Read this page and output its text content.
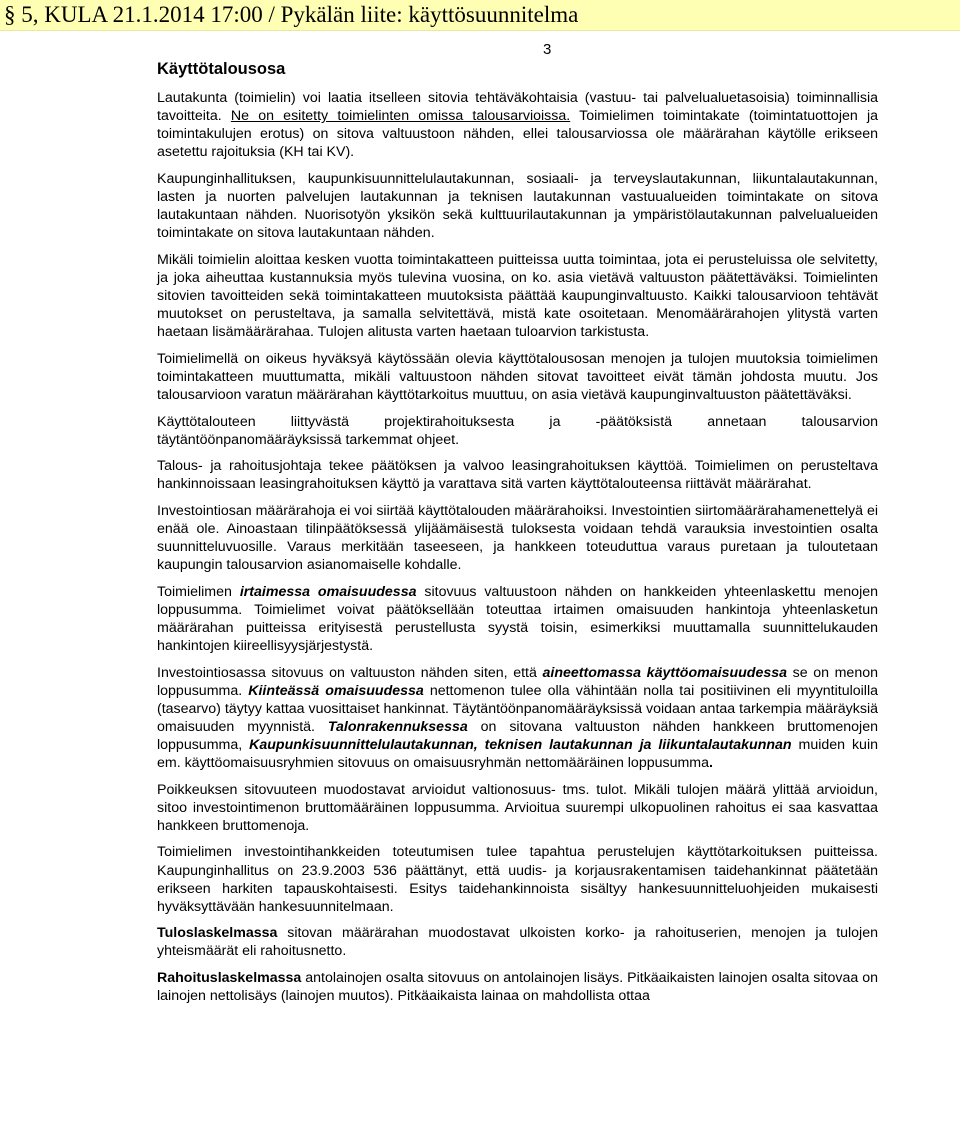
§ 5, KULA 21.1.2014 17:00 / Pykälän liite: käyttösuunnitelma
3
Käyttötalousosa

Lautakunta (toimielin) voi laatia itselleen sitovia tehtäväkohtaisia (vastuu- tai palvelualuetasoisia) toiminnallisia tavoitteita. Ne on esitetty toimielinten omissa talousarvioissa. Toimielimen toimintakate (toimintatuottojen ja toimintakulujen erotus) on sitova valtuustoon nähden, ellei talousarviossa ole määrärahan käytölle erikseen asetettu rajoituksia (KH tai KV).

Kaupunginhallituksen, kaupunkisuunnittelulautakunnan, sosiaali- ja terveyslautakunnan, liikuntalautakunnan, lasten ja nuorten palvelujen lautakunnan ja teknisen lautakunnan vastuualueiden toimintakate on sitova lautakuntaan nähden. Nuorisotyön yksikön sekä kulttuurilautakunnan ja ympäristölautakunnan palvelualueiden toimintakate on sitova lautakuntaan nähden.

Mikäli toimielin aloittaa kesken vuotta toimintakatteen puitteissa uutta toimintaa, jota ei perusteluissa ole selvitetty, ja joka aiheuttaa kustannuksia myös tulevina vuosina, on ko. asia vietävä valtuuston päätettäväksi. Toimielinten sitovien tavoitteiden sekä toimintakatteen muutoksista päättää kaupunginvaltuusto. Kaikki talousarvioon tehtävät muutokset on perusteltava, ja samalla selvitettävä, mistä kate osoitetaan. Menomäärärahojen ylitystä varten haetaan lisämäärärahaa. Tulojen alitusta varten haetaan tuloarvion tarkistusta.

Toimielimellä on oikeus hyväksyä käytössään olevia käyttötalousosan menojen ja tulojen muutoksia toimielimen toimintakatteen muuttumatta, mikäli valtuustoon nähden sitovat tavoitteet eivät tämän johdosta muutu. Jos talousarvioon varatun määrärahan käyttötarkoitus muuttuu, on asia vietävä kaupunginvaltuuston päätettäväksi.

Käyttötalouteen liittyvästä projektirahoituksesta ja -päätöksistä annetaan talousarvion täytäntöönpanomääräyksissä tarkemmat ohjeet.

Talous- ja rahoitusjohtaja tekee päätöksen ja valvoo leasingrahoituksen käyttöä. Toimielimen on perusteltava hankinnoissaan leasingrahoituksen käyttö ja varattava sitä varten käyttötalouteensa riittävät määrärahat.

Investointiosan määrärahoja ei voi siirtää käyttötalouden määrärahoiksi. Investointien siirtomäärärahamenettelyä ei enää ole. Ainoastaan tilinpäätöksessä ylijäämäisestä tuloksesta voidaan tehdä varauksia investointien osalta suunnitteluvuosille. Varaus merkitään taseeseen, ja hankkeen toteuduttua varaus puretaan ja tuloutetaan kaupungin talousarvion asianomaiselle kohdalle.

Toimielimen irtaimessa omaisuudessa sitovuus valtuustoon nähden on hankkeiden yhteenlaskettu menojen loppusumma. Toimielimet voivat päätöksellään toteuttaa irtaimen omaisuuden hankintoja yhteenlasketun määrärahan puitteissa erityisestä perustellusta syystä toisin, esimerkiksi muuttamalla suunnittelukauden hankintojen kiireellisyysjärjestystä.

Investointiosassa sitovuus on valtuuston nähden siten, että aineettomassa käyttöomaisuudessa se on menon loppusumma. Kiinteässä omaisuudessa nettomenon tulee olla vähintään nolla tai positiivinen eli myyntituloilla (tasearvo) täytyy kattaa vuosittaiset hankinnat. Täytäntöönpanomääräyksissä voidaan antaa tarkempia määräyksiä omaisuuden myynnistä. Talonrakennuksessa on sitovana valtuuston nähden hankkeen bruttomenojen loppusumma, Kaupunkisuunnittelulautakunnan, teknisen lautakunnan ja liikuntalautakunnan muiden kuin em. käyttöomaisuusryhmien sitovuus on omaisuusryhmän nettomääräinen loppusumma.

Poikkeuksen sitovuuteen muodostavat arvioidut valtionosuus- tms. tulot. Mikäli tulojen määrä ylittää arvioidun, sitoo investointimenon bruttomääräinen loppusumma. Arvioitua suurempi ulkopuolinen rahoitus ei saa kasvattaa hankkeen bruttomenoja.

Toimielimen investointihankkeiden toteutumisen tulee tapahtua perustelujen käyttötarkoituksen puitteissa. Kaupunginhallitus on 23.9.2003 536 päättänyt, että uudis- ja korjausrakentamisen taidehankinnat päätetään erikseen harkiten tapauskohtaisesti. Esitys taidehankinnoista sisältyy hankesuunnitteluohjeiden mukaisesti hyväksyttävään hankesuunnitelmaan.

Tuloslaskelmassa sitovan määrärahan muodostavat ulkoisten korko- ja rahoituserien, menojen ja tulojen yhteismäärät eli rahoitusnetto.

Rahoituslaskelmassa antolainojen osalta sitovuus on antolainojen lisäys. Pitkäaikaisten lainojen osalta sitovaa on lainojen nettolisäys (lainojen muutos). Pitkäaikaista lainaa on mahdollista ottaa
